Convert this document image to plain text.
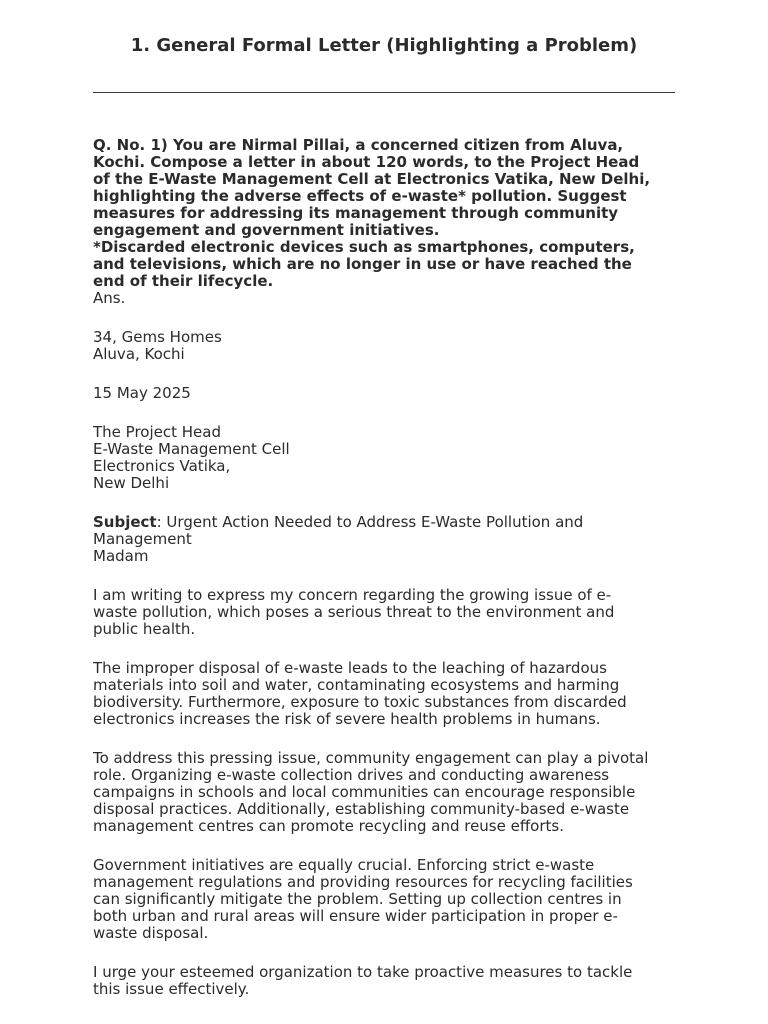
1. General Formal Letter (Highlighting a Problem)
Q. No. 1) You are Nirmal Pillai, a concerned citizen from Aluva,
Kochi. Compose a letter in about 120 words, to the Project Head
of the E-Waste Management Cell at Electronics Vatika, New Delhi,
highlighting the adverse effects of e-waste* pollution. Suggest
measures for addressing its management through community
engagement and government initiatives.
*Discarded electronic devices such as smartphones, computers,
and televisions, which are no longer in use or have reached the
end of their lifecycle.
Ans.
34, Gems Homes
Aluva, Kochi
15 May 2025
The Project Head
E-Waste Management Cell
Electronics Vatika,
New Delhi
Subject: Urgent Action Needed to Address E-Waste Pollution and
Management
Madam
I am writing to express my concern regarding the growing issue of e-
waste pollution, which poses a serious threat to the environment and
public health.
The improper disposal of e-waste leads to the leaching of hazardous
materials into soil and water, contaminating ecosystems and harming
biodiversity. Furthermore, exposure to toxic substances from discarded
electronics increases the risk of severe health problems in humans.
To address this pressing issue, community engagement can play a pivotal
role. Organizing e-waste collection drives and conducting awareness
campaigns in schools and local communities can encourage responsible
disposal practices. Additionally, establishing community-based e-waste
management centres can promote recycling and reuse efforts.
Government initiatives are equally crucial. Enforcing strict e-waste
management regulations and providing resources for recycling facilities
can significantly mitigate the problem. Setting up collection centres in
both urban and rural areas will ensure wider participation in proper e-
waste disposal.
I urge your esteemed organization to take proactive measures to tackle
this issue effectively.
